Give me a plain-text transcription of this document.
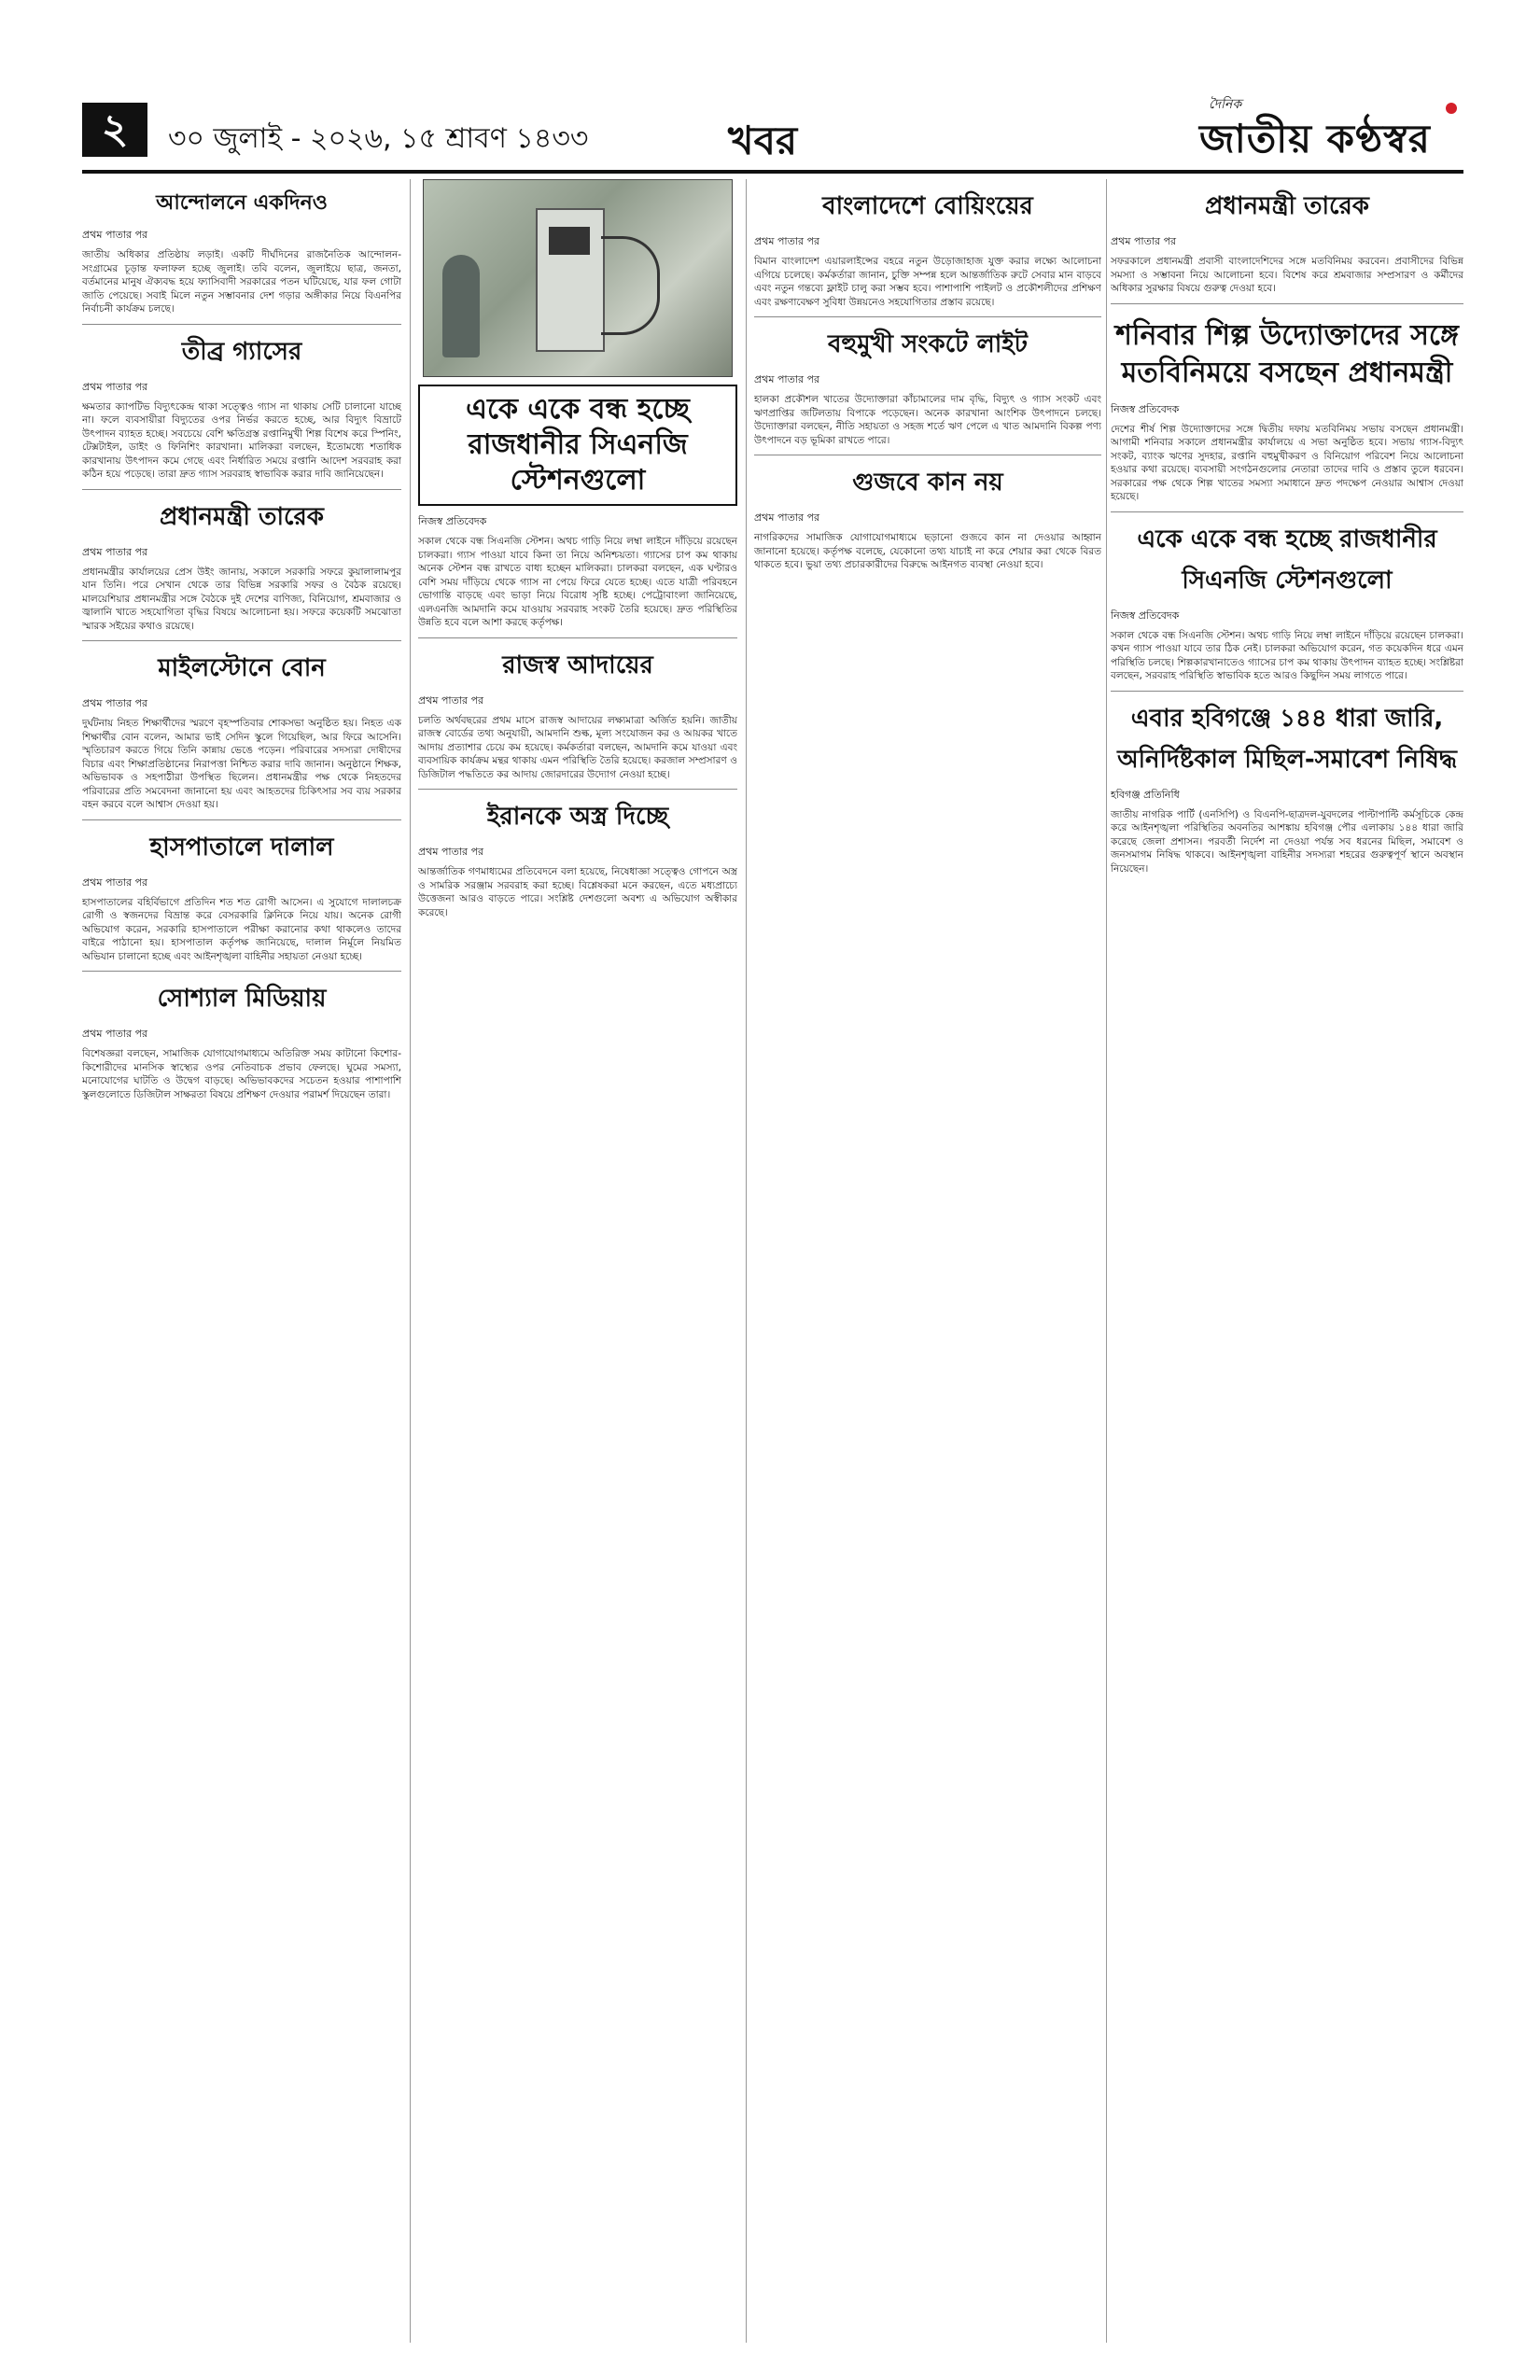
২	৩০ জুলাই - ২০২৬, ১৫ শ্রাবণ ১৪৩৩	খবর
দৈনিক
জাতীয় কণ্ঠস্বর
আন্দোলনে একদিনও

প্রথম পাতার পর

জাতীয় অধিকার প্রতিষ্ঠায় লড়াই। একটি দীর্ঘদিনের রাজনৈতিক আন্দোলন-সংগ্রামের চূড়ান্ত ফলাফল হচ্ছে জুলাই। তবি বলেন, জুলাইয়ে ছাত্র, জনতা, বর্তমানের মানুষ ঐক্যবদ্ধ হয়ে ফ্যাসিবাদী সরকারের পতন ঘটিয়েছে, যার ফল গোটা জাতি পেয়েছে। সবাই মিলে নতুন সম্ভাবনার দেশ গড়ার অঙ্গীকার নিয়ে বিএনপির নির্বাচনী কার্যক্রম চলছে।

তীব্র গ্যাসের

প্রথম পাতার পর

ক্ষমতার ক্যাপটিভ বিদ্যুৎকেন্দ্র থাকা সত্ত্বেও গ্যাস না থাকায় সেটি চালানো যাচ্ছে না। ফলে ব্যবসায়ীরা বিদ্যুতের ওপর নির্ভর করতে হচ্ছে, আর বিদ্যুৎ বিভ্রাটে উৎপাদন ব্যাহত হচ্ছে। সবচেয়ে বেশি ক্ষতিগ্রস্ত রপ্তানিমুখী শিল্প বিশেষ করে স্পিনিং, টেক্সটাইল, ডাইং ও ফিনিশিং কারখানা। মালিকরা বলছেন, ইতোমধ্যে শতাধিক কারখানায় উৎপাদন কমে গেছে এবং নির্ধারিত সময়ে রপ্তানি আদেশ সরবরাহ করা কঠিন হয়ে পড়েছে। তারা দ্রুত গ্যাস সরবরাহ স্বাভাবিক করার দাবি জানিয়েছেন।

প্রধানমন্ত্রী তারেক

প্রথম পাতার পর

প্রধানমন্ত্রীর কার্যালয়ের প্রেস উইং জানায়, সকালে সরকারি সফরে কুয়ালালামপুর যান তিনি। পরে সেখান থেকে তার বিভিন্ন সরকারি সফর ও বৈঠক রয়েছে। মালয়েশিয়ার প্রধানমন্ত্রীর সঙ্গে বৈঠকে দুই দেশের বাণিজ্য, বিনিয়োগ, শ্রমবাজার ও জ্বালানি খাতে সহযোগিতা বৃদ্ধির বিষয়ে আলোচনা হয়। সফরে কয়েকটি সমঝোতা স্মারক সইয়ের কথাও রয়েছে।

মাইলস্টোনে বোন

প্রথম পাতার পর

দুর্ঘটনায় নিহত শিক্ষার্থীদের স্মরণে বৃহস্পতিবার শোকসভা অনুষ্ঠিত হয়। নিহত এক শিক্ষার্থীর বোন বলেন, আমার ভাই সেদিন স্কুলে গিয়েছিল, আর ফিরে আসেনি। স্মৃতিচারণ করতে গিয়ে তিনি কান্নায় ভেঙে পড়েন। পরিবারের সদস্যরা দোষীদের বিচার এবং শিক্ষাপ্রতিষ্ঠানের নিরাপত্তা নিশ্চিত করার দাবি জানান। অনুষ্ঠানে শিক্ষক, অভিভাবক ও সহপাঠীরা উপস্থিত ছিলেন। প্রধানমন্ত্রীর পক্ষ থেকে নিহতদের পরিবারের প্রতি সমবেদনা জানানো হয় এবং আহতদের চিকিৎসার সব ব্যয় সরকার বহন করবে বলে আশ্বাস দেওয়া হয়।

হাসপাতালে দালাল

প্রথম পাতার পর

হাসপাতালের বহির্বিভাগে প্রতিদিন শত শত রোগী আসেন। এ সুযোগে দালালচক্র রোগী ও স্বজনদের বিভ্রান্ত করে বেসরকারি ক্লিনিকে নিয়ে যায়। অনেক রোগী অভিযোগ করেন, সরকারি হাসপাতালে পরীক্ষা করানোর কথা থাকলেও তাদের বাইরে পাঠানো হয়। হাসপাতাল কর্তৃপক্ষ জানিয়েছে, দালাল নির্মূলে নিয়মিত অভিযান চালানো হচ্ছে এবং আইনশৃঙ্খলা বাহিনীর সহায়তা নেওয়া হচ্ছে।

সোশ্যাল মিডিয়ায়

প্রথম পাতার পর

বিশেষজ্ঞরা বলছেন, সামাজিক যোগাযোগমাধ্যমে অতিরিক্ত সময় কাটানো কিশোর-কিশোরীদের মানসিক স্বাস্থ্যের ওপর নেতিবাচক প্রভাব ফেলছে। ঘুমের সমস্যা, মনোযোগের ঘাটতি ও উদ্বেগ বাড়ছে। অভিভাবকদের সচেতন হওয়ার পাশাপাশি স্কুলগুলোতে ডিজিটাল সাক্ষরতা বিষয়ে প্রশিক্ষণ দেওয়ার পরামর্শ দিয়েছেন তারা।

একে একে বন্ধ হচ্ছে রাজধানীর সিএনজি স্টেশনগুলো

নিজস্ব প্রতিবেদক

সকাল থেকে বন্ধ সিএনজি স্টেশন। অথচ গাড়ি নিয়ে লম্বা লাইনে দাঁড়িয়ে রয়েছেন চালকরা। গ্যাস পাওয়া যাবে কিনা তা নিয়ে অনিশ্চয়তা। গ্যাসের চাপ কম থাকায় অনেক স্টেশন বন্ধ রাখতে বাধ্য হচ্ছেন মালিকরা। চালকরা বলছেন, এক ঘণ্টারও বেশি সময় দাঁড়িয়ে থেকে গ্যাস না পেয়ে ফিরে যেতে হচ্ছে। এতে যাত্রী পরিবহনে ভোগান্তি বাড়ছে এবং ভাড়া নিয়ে বিরোধ সৃষ্টি হচ্ছে। পেট্রোবাংলা জানিয়েছে, এলএনজি আমদানি কমে যাওয়ায় সরবরাহ সংকট তৈরি হয়েছে। দ্রুত পরিস্থিতির উন্নতি হবে বলে আশা করছে কর্তৃপক্ষ।

রাজস্ব আদায়ের

প্রথম পাতার পর

চলতি অর্থবছরের প্রথম মাসে রাজস্ব আদায়ের লক্ষ্যমাত্রা অর্জিত হয়নি। জাতীয় রাজস্ব বোর্ডের তথ্য অনুযায়ী, আমদানি শুল্ক, মূল্য সংযোজন কর ও আয়কর খাতে আদায় প্রত্যাশার চেয়ে কম হয়েছে। কর্মকর্তারা বলছেন, আমদানি কমে যাওয়া এবং ব্যবসায়িক কার্যক্রম মন্থর থাকায় এমন পরিস্থিতি তৈরি হয়েছে। করজাল সম্প্রসারণ ও ডিজিটাল পদ্ধতিতে কর আদায় জোরদারের উদ্যোগ নেওয়া হচ্ছে।

ইরানকে অস্ত্র দিচ্ছে

প্রথম পাতার পর

আন্তর্জাতিক গণমাধ্যমের প্রতিবেদনে বলা হয়েছে, নিষেধাজ্ঞা সত্ত্বেও গোপনে অস্ত্র ও সামরিক সরঞ্জাম সরবরাহ করা হচ্ছে। বিশ্লেষকরা মনে করছেন, এতে মধ্যপ্রাচ্যে উত্তেজনা আরও বাড়তে পারে। সংশ্লিষ্ট দেশগুলো অবশ্য এ অভিযোগ অস্বীকার করেছে।

বাংলাদেশে বোয়িংয়ের

প্রথম পাতার পর

বিমান বাংলাদেশ এয়ারলাইন্সের বহরে নতুন উড়োজাহাজ যুক্ত করার লক্ষ্যে আলোচনা এগিয়ে চলেছে। কর্মকর্তারা জানান, চুক্তি সম্পন্ন হলে আন্তর্জাতিক রুটে সেবার মান বাড়বে এবং নতুন গন্তব্যে ফ্লাইট চালু করা সম্ভব হবে। পাশাপাশি পাইলট ও প্রকৌশলীদের প্রশিক্ষণ এবং রক্ষণাবেক্ষণ সুবিধা উন্নয়নেও সহযোগিতার প্রস্তাব রয়েছে।

বহুমুখী সংকটে লাইট

প্রথম পাতার পর

হালকা প্রকৌশল খাতের উদ্যোক্তারা কাঁচামালের দাম বৃদ্ধি, বিদ্যুৎ ও গ্যাস সংকট এবং ঋণপ্রাপ্তির জটিলতায় বিপাকে পড়েছেন। অনেক কারখানা আংশিক উৎপাদনে চলছে। উদ্যোক্তারা বলছেন, নীতি সহায়তা ও সহজ শর্তে ঋণ পেলে এ খাত আমদানি বিকল্প পণ্য উৎপাদনে বড় ভূমিকা রাখতে পারে।

গুজবে কান নয়

প্রথম পাতার পর

নাগরিকদের সামাজিক যোগাযোগমাধ্যমে ছড়ানো গুজবে কান না দেওয়ার আহ্বান জানানো হয়েছে। কর্তৃপক্ষ বলেছে, যেকোনো তথ্য যাচাই না করে শেয়ার করা থেকে বিরত থাকতে হবে। ভুয়া তথ্য প্রচারকারীদের বিরুদ্ধে আইনগত ব্যবস্থা নেওয়া হবে।

প্রধানমন্ত্রী তারেক

প্রথম পাতার পর

সফরকালে প্রধানমন্ত্রী প্রবাসী বাংলাদেশিদের সঙ্গে মতবিনিময় করবেন। প্রবাসীদের বিভিন্ন সমস্যা ও সম্ভাবনা নিয়ে আলোচনা হবে। বিশেষ করে শ্রমবাজার সম্প্রসারণ ও কর্মীদের অধিকার সুরক্ষার বিষয়ে গুরুত্ব দেওয়া হবে।

শনিবার শিল্প উদ্যোক্তাদের সঙ্গে মতবিনিময়ে বসছেন প্রধানমন্ত্রী

নিজস্ব প্রতিবেদক

দেশের শীর্ষ শিল্প উদ্যোক্তাদের সঙ্গে দ্বিতীয় দফায় মতবিনিময় সভায় বসছেন প্রধানমন্ত্রী। আগামী শনিবার সকালে প্রধানমন্ত্রীর কার্যালয়ে এ সভা অনুষ্ঠিত হবে। সভায় গ্যাস-বিদ্যুৎ সংকট, ব্যাংক ঋণের সুদহার, রপ্তানি বহুমুখীকরণ ও বিনিয়োগ পরিবেশ নিয়ে আলোচনা হওয়ার কথা রয়েছে। ব্যবসায়ী সংগঠনগুলোর নেতারা তাদের দাবি ও প্রস্তাব তুলে ধরবেন। সরকারের পক্ষ থেকে শিল্প খাতের সমস্যা সমাধানে দ্রুত পদক্ষেপ নেওয়ার আশ্বাস দেওয়া হয়েছে।

একে একে বন্ধ হচ্ছে রাজধানীর সিএনজি স্টেশনগুলো

নিজস্ব প্রতিবেদক

সকাল থেকে বন্ধ সিএনজি স্টেশন। অথচ গাড়ি নিয়ে লম্বা লাইনে দাঁড়িয়ে রয়েছেন চালকরা। কখন গ্যাস পাওয়া যাবে তার ঠিক নেই। চালকরা অভিযোগ করেন, গত কয়েকদিন ধরে এমন পরিস্থিতি চলছে। শিল্পকারখানাতেও গ্যাসের চাপ কম থাকায় উৎপাদন ব্যাহত হচ্ছে। সংশ্লিষ্টরা বলছেন, সরবরাহ পরিস্থিতি স্বাভাবিক হতে আরও কিছুদিন সময় লাগতে পারে।

এবার হবিগঞ্জে ১৪৪ ধারা জারি, অনির্দিষ্টকাল মিছিল-সমাবেশ নিষিদ্ধ

হবিগঞ্জ প্রতিনিধি

জাতীয় নাগরিক পার্টি (এনসিপি) ও বিএনপি-ছাত্রদল-যুবদলের পাল্টাপাল্টি কর্মসূচিকে কেন্দ্র করে আইনশৃঙ্খলা পরিস্থিতির অবনতির আশঙ্কায় হবিগঞ্জ পৌর এলাকায় ১৪৪ ধারা জারি করেছে জেলা প্রশাসন। পরবর্তী নির্দেশ না দেওয়া পর্যন্ত সব ধরনের মিছিল, সমাবেশ ও জনসমাগম নিষিদ্ধ থাকবে। আইনশৃঙ্খলা বাহিনীর সদস্যরা শহরের গুরুত্বপূর্ণ স্থানে অবস্থান নিয়েছেন।
